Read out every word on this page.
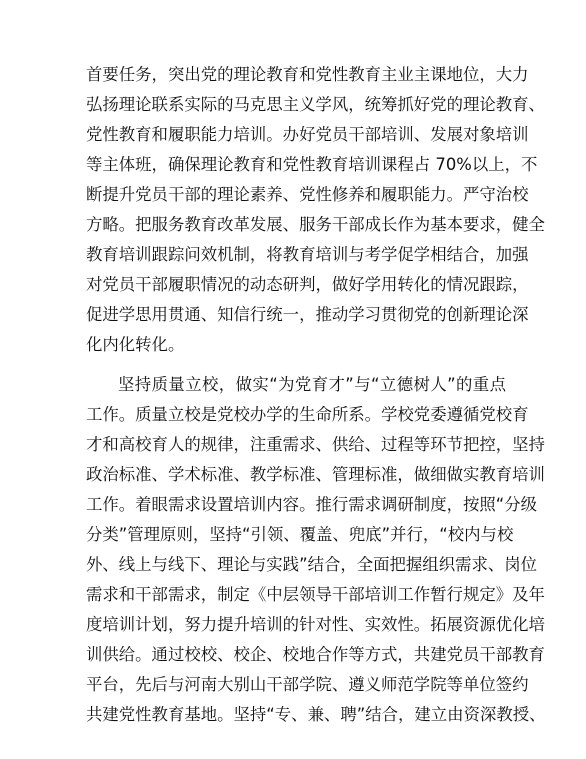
首要任务，突出党的理论教育和党性教育主业主课地位，大力
弘扬理论联系实际的马克思主义学风，统筹抓好党的理论教育、
党性教育和履职能力培训。办好党员干部培训、发展对象培训
等主体班，确保理论教育和党性教育培训课程占 70%以上，不
断提升党员干部的理论素养、党性修养和履职能力。严守治校
方略。把服务教育改革发展、服务干部成长作为基本要求，健全
教育培训跟踪问效机制，将教育培训与考学促学相结合，加强
对党员干部履职情况的动态研判，做好学用转化的情况跟踪，
促进学思用贯通、知信行统一，推动学习贯彻党的创新理论深
化内化转化。
坚持质量立校，做实“为党育才”与“立德树人”的重点
工作。质量立校是党校办学的生命所系。学校党委遵循党校育
才和高校育人的规律，注重需求、供给、过程等环节把控，坚持
政治标准、学术标准、教学标准、管理标准，做细做实教育培训
工作。着眼需求设置培训内容。推行需求调研制度，按照“分级
分类”管理原则，坚持“引领、覆盖、兜底”并行，“校内与校
外、线上与线下、理论与实践”结合，全面把握组织需求、岗位
需求和干部需求，制定《中层领导干部培训工作暂行规定》及年
度培训计划，努力提升培训的针对性、实效性。拓展资源优化培
训供给。通过校校、校企、校地合作等方式，共建党员干部教育
平台，先后与河南大别山干部学院、遵义师范学院等单位签约
共建党性教育基地。坚持“专、兼、聘”结合，建立由资深教授、
